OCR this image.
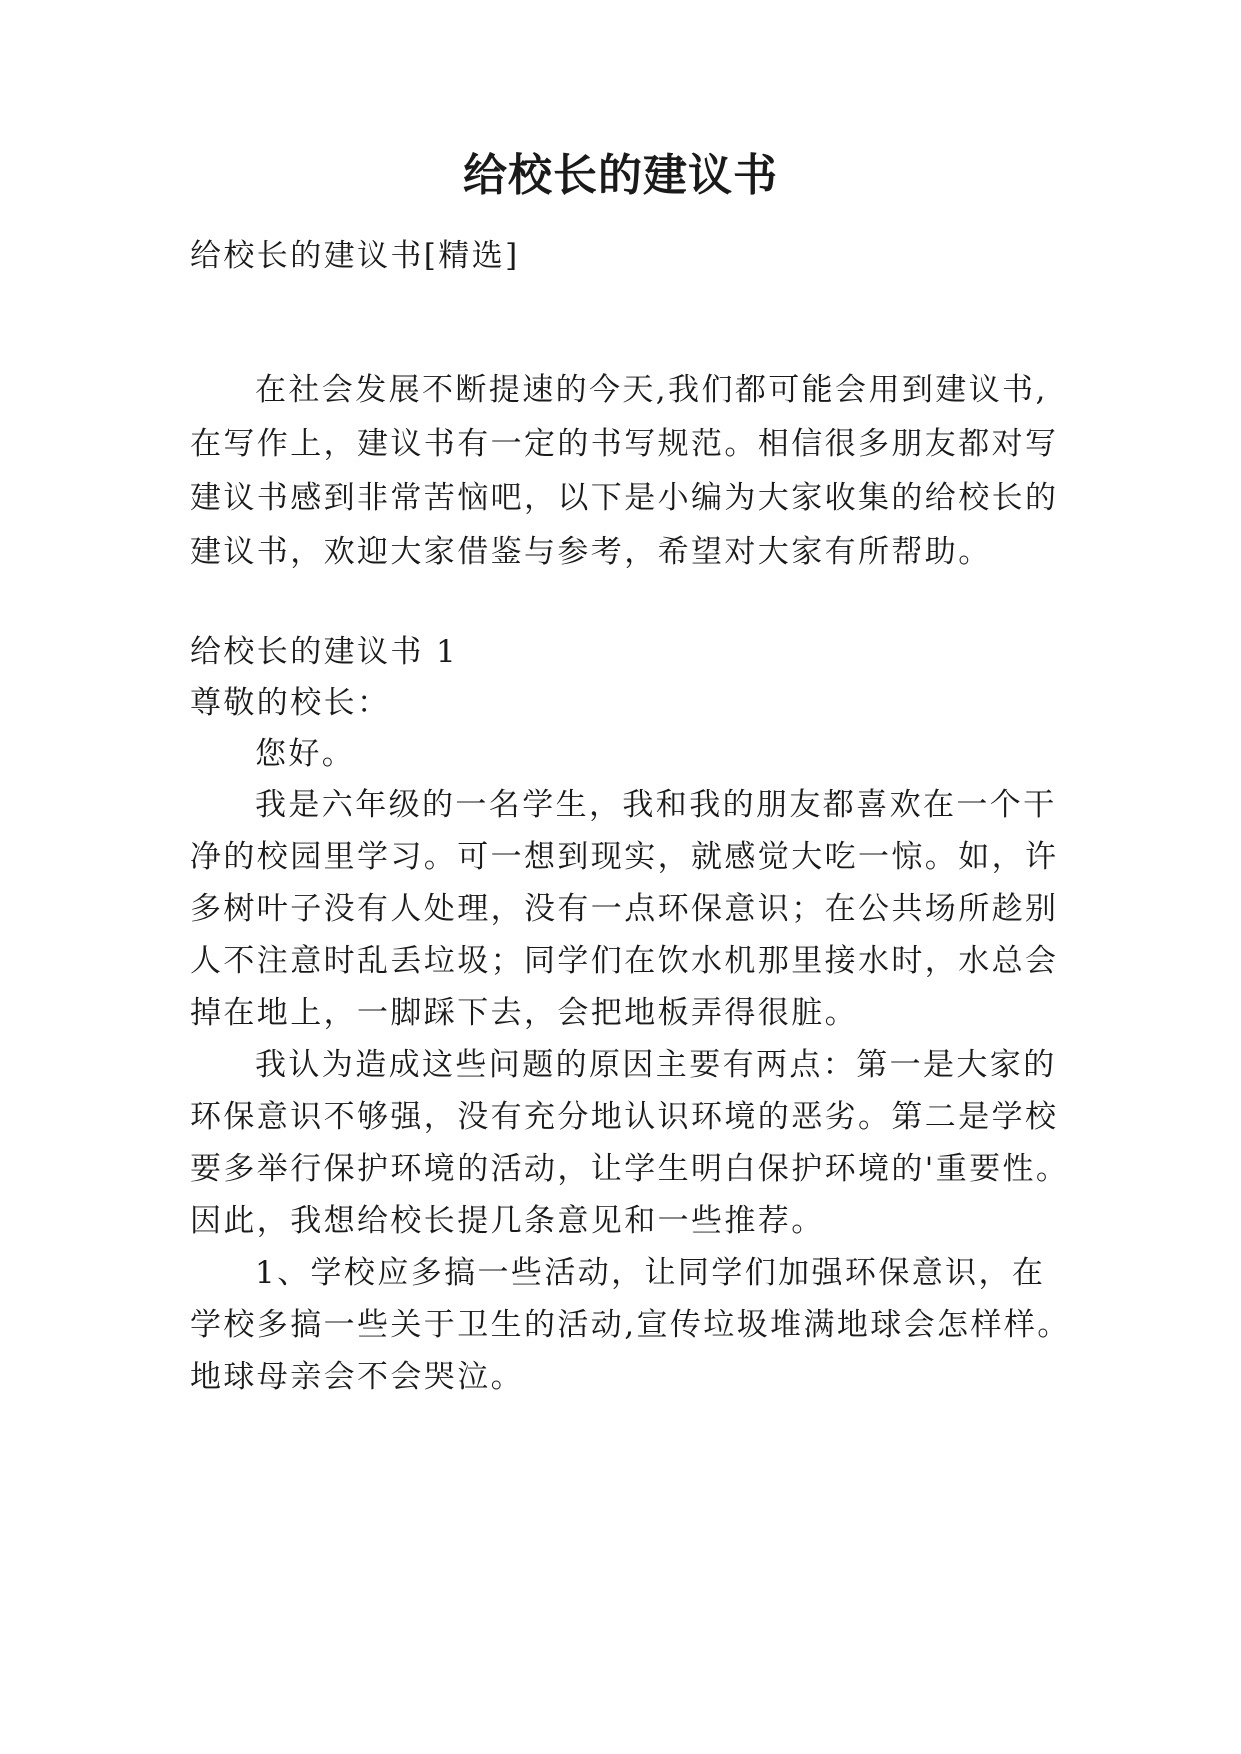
给校长的建议书
给校长的建议书[精选]
在社会发展不断提速的今天,我们都可能会用到建议书,
在写作上，建议书有一定的书写规范。相信很多朋友都对写
建议书感到非常苦恼吧，以下是小编为大家收集的给校长的
建议书，欢迎大家借鉴与参考，希望对大家有所帮助。
给校长的建议书 1
尊敬的校长：
您好。
我是六年级的一名学生，我和我的朋友都喜欢在一个干
净的校园里学习。可一想到现实，就感觉大吃一惊。如，许
多树叶子没有人处理，没有一点环保意识；在公共场所趁别
人不注意时乱丢垃圾；同学们在饮水机那里接水时，水总会
掉在地上，一脚踩下去，会把地板弄得很脏。
我认为造成这些问题的原因主要有两点：第一是大家的
环保意识不够强，没有充分地认识环境的恶劣。第二是学校
要多举行保护环境的活动，让学生明白保护环境的'重要性。
因此，我想给校长提几条意见和一些推荐。
1、学校应多搞一些活动，让同学们加强环保意识，在
学校多搞一些关于卫生的活动,宣传垃圾堆满地球会怎样样。
地球母亲会不会哭泣。
